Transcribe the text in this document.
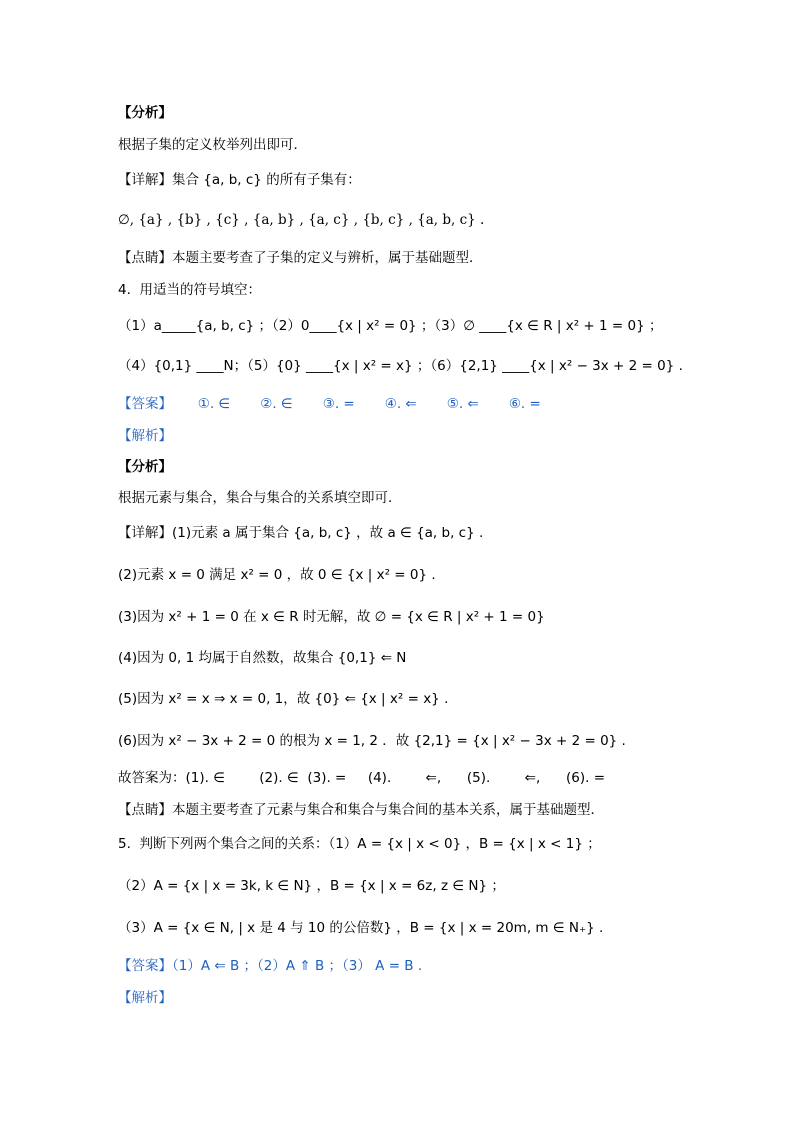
【分析】
根据子集的定义枚举列出即可．
【详解】集合 {a, b, c} 的所有子集有：
∅, {a} , {b} , {c} , {a, b} , {a, c} , {b, c} , {a, b, c} .
【点睛】本题主要考查了子集的定义与辨析，属于基础题型．
4.  用适当的符号填空：
（1）a_____{a, b, c} ；（2）0____{x | x² = 0} ；（3）∅ ____{x ∈ R | x² + 1 = 0} ；
（4）{0,1} ____N；（5）{0} ____{x | x² = x} ；（6）{2,1} ____{x | x² − 3x + 2 = 0} .
【答案】      ①. ∈       ②. ∈       ③. =       ④. ⇐       ⑤. ⇐       ⑥. =
【解析】
【分析】
根据元素与集合，集合与集合的关系填空即可．
【详解】(1)元素 a 属于集合 {a, b, c} ，故 a ∈ {a, b, c} .
(2)元素 x = 0 满足 x² = 0 ，故 0 ∈ {x | x² = 0} .
(3)因为 x² + 1 = 0 在 x ∈ R 时无解，故 ∅ = {x ∈ R | x² + 1 = 0}
(4)因为 0, 1 均属于自然数，故集合 {0,1} ⇐ N
(5)因为 x² = x ⇒ x = 0, 1，故 {0} ⇐ {x | x² = x} .
(6)因为 x² − 3x + 2 = 0 的根为 x = 1, 2 ．故 {2,1} = {x | x² − 3x + 2 = 0} .
故答案为：(1). ∈        (2). ∈  (3). =     (4).        ⇐,      (5).        ⇐,      (6). =
【点睛】本题主要考查了元素与集合和集合与集合间的基本关系，属于基础题型．
5.  判断下列两个集合之间的关系：（1）A = {x | x < 0} ，B = {x | x < 1} ；
（2）A = {x | x = 3k, k ∈ N} ，B = {x | x = 6z, z ∈ N} ；
（3）A = {x ∈ N, | x 是 4 与 10 的公倍数} ，B = {x | x = 20m, m ∈ N₊} .
【答案】（1）A ⇐ B ；（2）A ⇑ B ；（3） A = B .
【解析】
